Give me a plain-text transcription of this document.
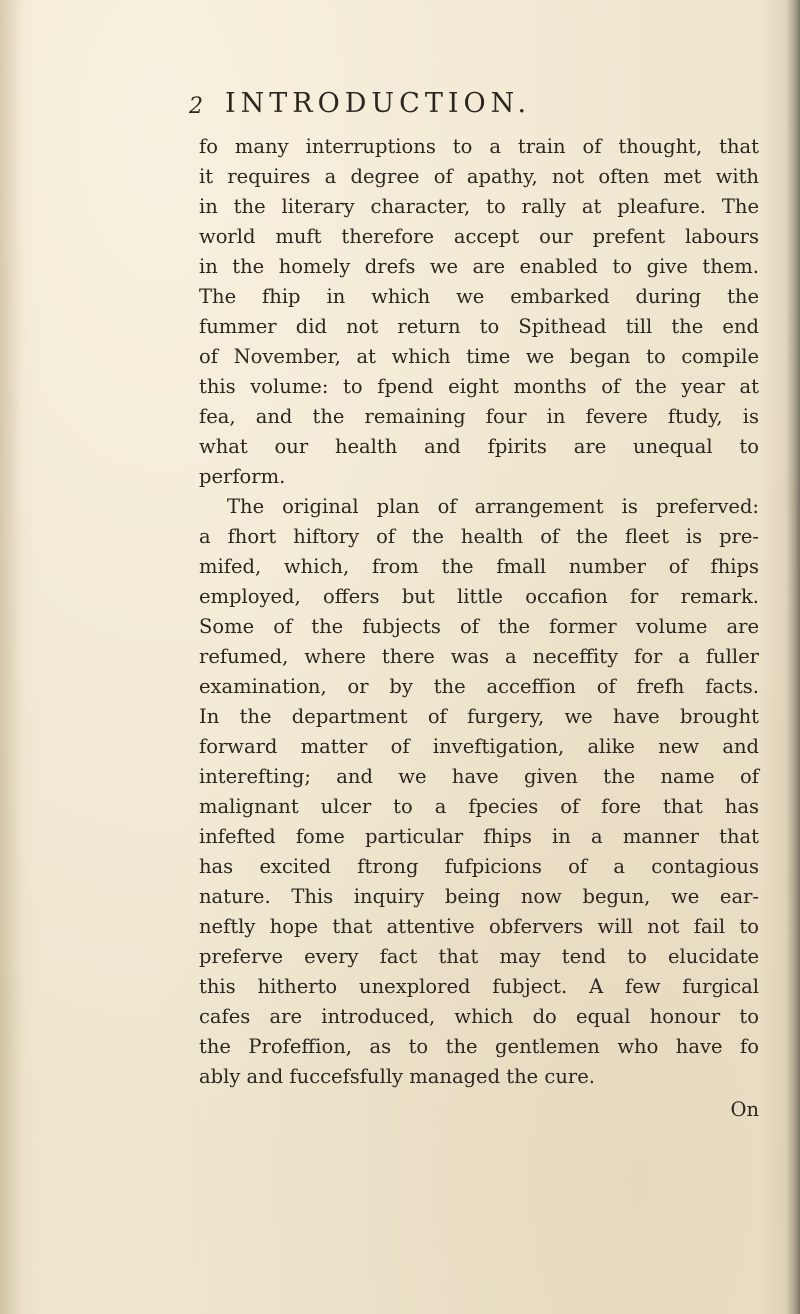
2 INTRODUCTION.
fo many interruptions to a train of thought, that
it requires a degree of apathy, not often met with
in the literary character, to rally at pleafure. The
world muft therefore accept our prefent labours
in the homely drefs we are enabled to give them.
The fhip in which we embarked during the
fummer did not return to Spithead till the end
of November, at which time we began to compile
this volume: to fpend eight months of the year at
fea, and the remaining four in fevere ftudy, is
what our health and fpirits are unequal to
perform.
The original plan of arrangement is preferved:
a fhort hiftory of the health of the fleet is pre-
mifed, which, from the fmall number of fhips
employed, offers but little occafion for remark.
Some of the fubjects of the former volume are
refumed, where there was a neceffity for a fuller
examination, or by the acceffion of frefh facts.
In the department of furgery, we have brought
forward matter of inveftigation, alike new and
interefting; and we have given the name of
malignant ulcer to a fpecies of fore that has
infefted fome particular fhips in a manner that
has excited ftrong fufpicions of a contagious
nature. This inquiry being now begun, we ear-
neftly hope that attentive obfervers will not fail to
preferve every fact that may tend to elucidate
this hitherto unexplored fubject. A few furgical
cafes are introduced, which do equal honour to
the Profeffion, as to the gentlemen who have fo
ably and fuccefsfully managed the cure.
On
